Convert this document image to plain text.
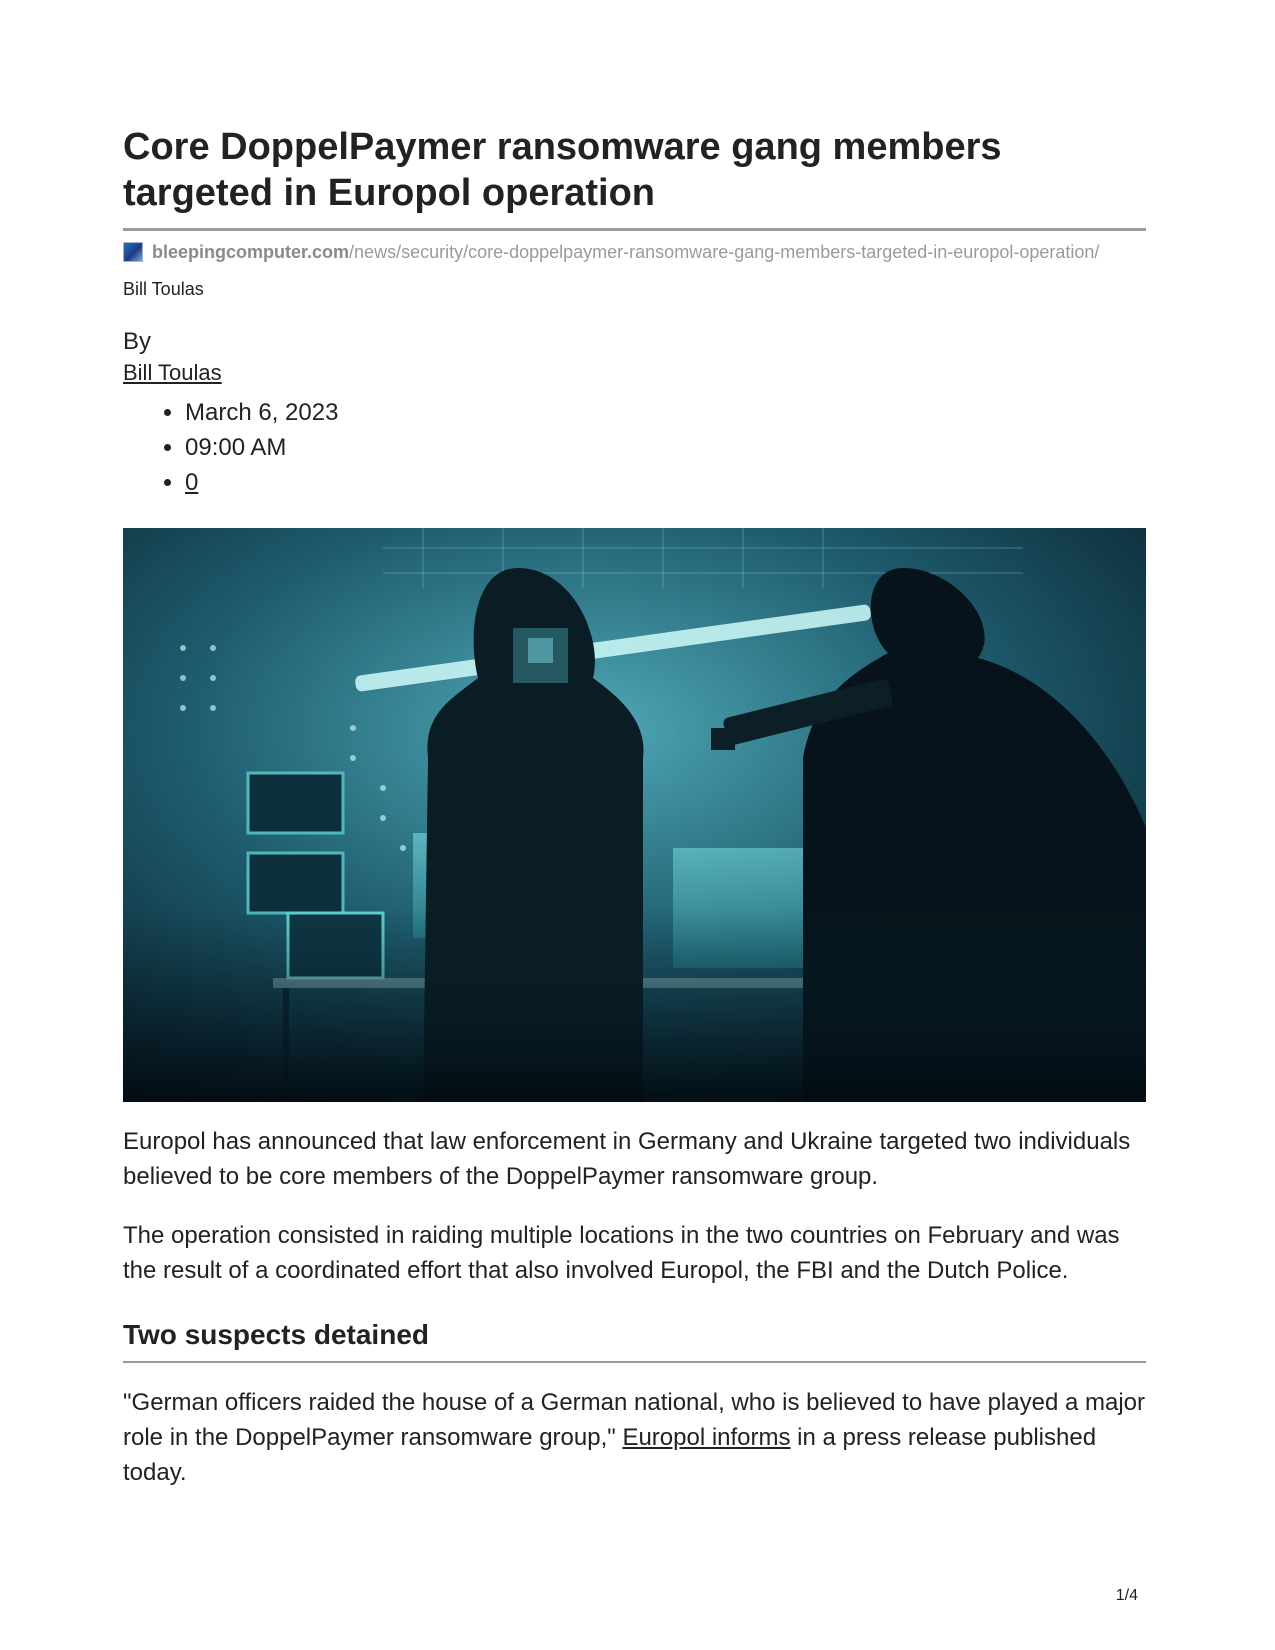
Core DoppelPaymer ransomware gang members targeted in Europol operation
bleepingcomputer.com /news/security/core-doppelpaymer-ransomware-gang-members-targeted-in-europol-operation/
Bill Toulas
By
Bill Toulas
• March 6, 2023
• 09:00 AM
• 0

Europol has announced that law enforcement in Germany and Ukraine targeted two individuals believed to be core members of the DoppelPaymer ransomware group.

The operation consisted in raiding multiple locations in the two countries on February and was the result of a coordinated effort that also involved Europol, the FBI and the Dutch Police.

Two suspects detained

"German officers raided the house of a German national, who is believed to have played a major role in the DoppelPaymer ransomware group," Europol informs in a press release published today.

1/4
